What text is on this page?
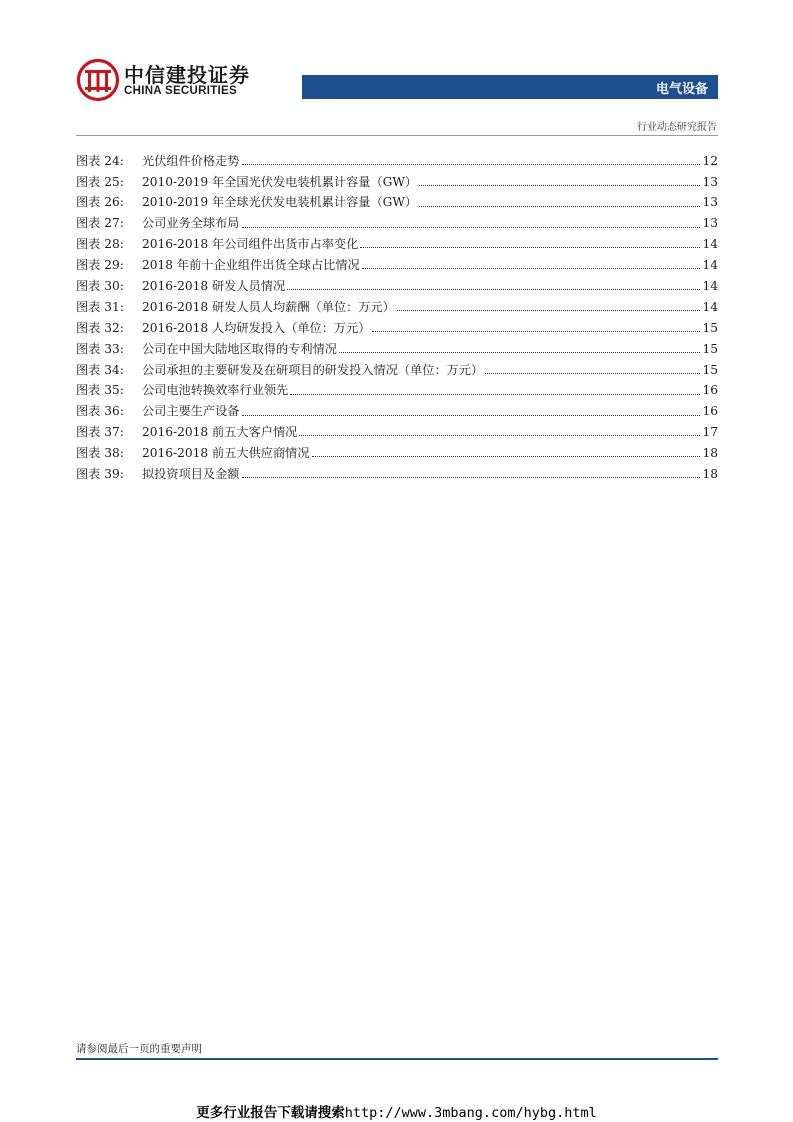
中信建投证券
CHINA SECURITIES	电气设备
行业动态研究报告
图表 24:	光伏组件价格走势	12
图表 25:	2010-2019 年全国光伏发电装机累计容量（GW）	13
图表 26:	2010-2019 年全球光伏发电装机累计容量（GW）	13
图表 27:	公司业务全球布局	13
图表 28:	2016-2018 年公司组件出货市占率变化	14
图表 29:	2018 年前十企业组件出货全球占比情况	14
图表 30:	2016-2018 研发人员情况	14
图表 31:	2016-2018 研发人员人均薪酬（单位：万元）	14
图表 32:	2016-2018 人均研发投入（单位：万元）	15
图表 33:	公司在中国大陆地区取得的专利情况	15
图表 34:	公司承担的主要研发及在研项目的研发投入情况（单位：万元）	15
图表 35:	公司电池转换效率行业领先	16
图表 36:	公司主要生产设备	16
图表 37:	2016-2018 前五大客户情况	17
图表 38:	2016-2018 前五大供应商情况	18
图表 39:	拟投资项目及金额	18
请参阅最后一页的重要声明
更多行业报告下载请搜索http://www.3mbang.com/hybg.html
